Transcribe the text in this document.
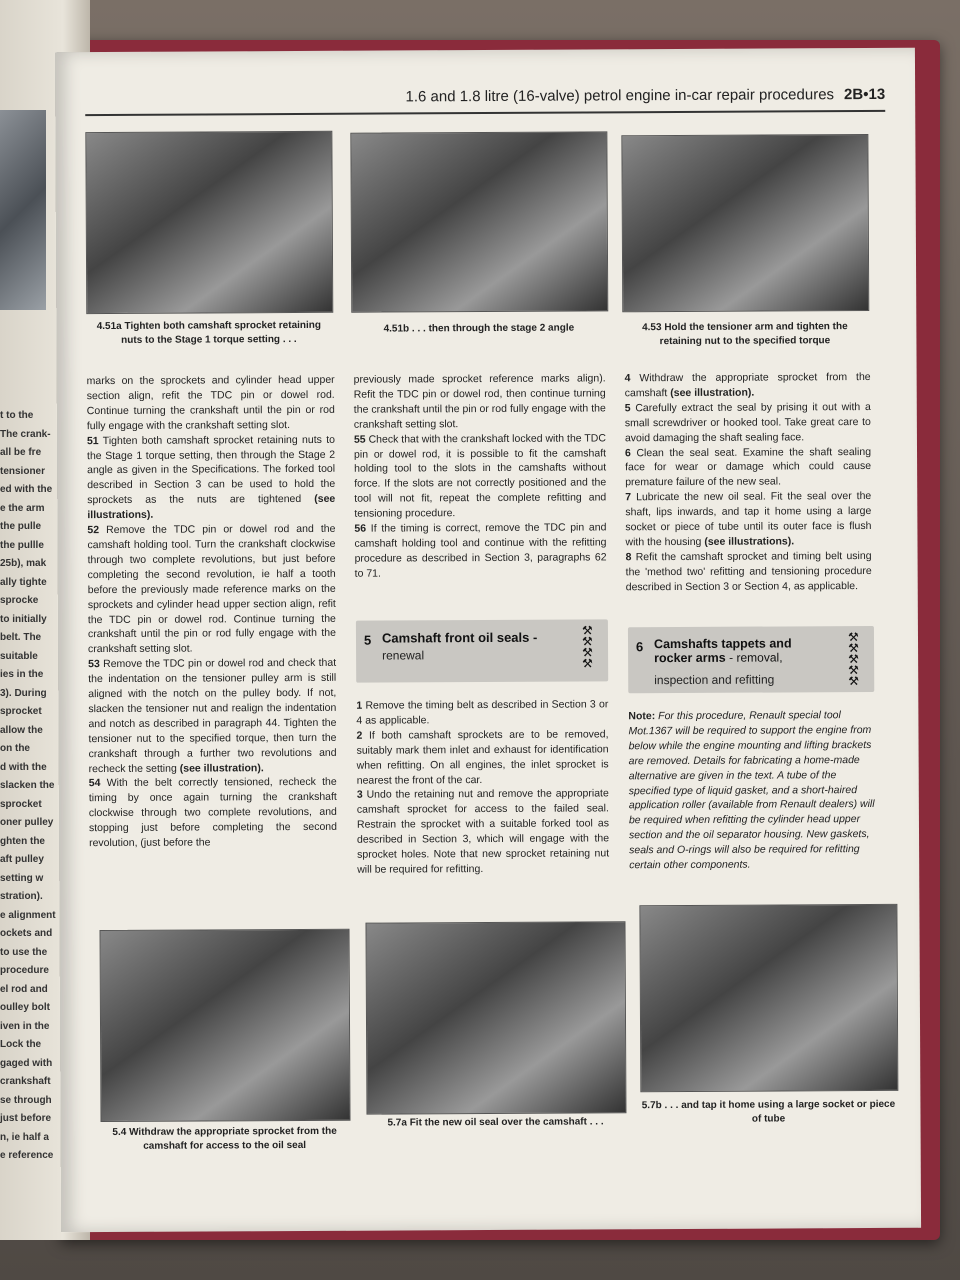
t to the
The crank-
all be fre
tensioner
ed with the
e the arm
the pulle
the pullle
25b), mak
ally tighte
sprocke
to initially
belt. The
suitable
ies in the
3). During
sprocket
allow the
on the
d with the
slacken the
sprocket
oner pulley
ghten the
aft pulley
setting w
stration).
e alignment
ockets and
to use the
procedure
el rod and
oulley bolt
iven in the
Lock the
gaged with
crankshaft
se through
just before
n, ie half a
e reference
1.6 and 1.8 litre (16-valve) petrol engine in-car repair procedures 2B•13
4.51a Tighten both camshaft sprocket retaining nuts to the Stage 1 torque setting . . .
4.51b . . . then through the stage 2 angle	4.53 Hold the tensioner arm and tighten the retaining nut to the specified torque

marks on the sprockets and cylinder head upper section align, refit the TDC pin or dowel rod. Continue turning the crankshaft until the pin or rod fully engage with the crankshaft setting slot.

51 Tighten both camshaft sprocket retaining nuts to the Stage 1 torque setting, then through the Stage 2 angle as given in the Specifications. The forked tool described in Section 3 can be used to hold the sprockets as the nuts are tightened (see illustrations).

52 Remove the TDC pin or dowel rod and the camshaft holding tool. Turn the crankshaft clockwise through two complete revolutions, but just before completing the second revolution, ie half a tooth before the previously made reference marks on the sprockets and cylinder head upper section align, refit the TDC pin or dowel rod. Continue turning the crankshaft until the pin or rod fully engage with the crankshaft setting slot.

53 Remove the TDC pin or dowel rod and check that the indentation on the tensioner pulley arm is still aligned with the notch on the pulley body. If not, slacken the tensioner nut and realign the indentation and notch as described in paragraph 44. Tighten the tensioner nut to the specified torque, then turn the crankshaft through a further two revolutions and recheck the setting (see illustration).

54 With the belt correctly tensioned, recheck the timing by once again turning the crankshaft clockwise through two complete revolutions, and stopping just before completing the second revolution, (just before the

previously made sprocket reference marks align). Refit the TDC pin or dowel rod, then continue turning the crankshaft until the pin or rod fully engage with the crankshaft setting slot.

55 Check that with the crankshaft locked with the TDC pin or dowel rod, it is possible to fit the camshaft holding tool to the slots in the camshafts without force. If the slots are not correctly positioned and the tool will not fit, repeat the complete refitting and tensioning procedure.

56 If the timing is correct, remove the TDC pin and camshaft holding tool and continue with the refitting procedure as described in Section 3, paragraphs 62 to 71.

5 Camshaft front oil seals -
renewal
⚒
⚒
⚒
⚒

1 Remove the timing belt as described in Section 3 or 4 as applicable.

2 If both camshaft sprockets are to be removed, suitably mark them inlet and exhaust for identification when refitting. On all engines, the inlet sprocket is nearest the front of the car.

3 Undo the retaining nut and remove the appropriate camshaft sprocket for access to the failed seal. Restrain the sprocket with a suitable forked tool as described in Section 3, which will engage with the sprocket holes. Note that new sprocket retaining nut will be required for refitting.

4 Withdraw the appropriate sprocket from the camshaft (see illustration).

5 Carefully extract the seal by prising it out with a small screwdriver or hooked tool. Take great care to avoid damaging the shaft sealing face.

6 Clean the seal seat. Examine the shaft sealing face for wear or damage which could cause premature failure of the new seal.

7 Lubricate the new oil seal. Fit the seal over the shaft, lips inwards, and tap it home using a large socket or piece of tube until its outer face is flush with the housing (see illustrations).

8 Refit the camshaft sprocket and timing belt using the 'method two' refitting and tensioning procedure described in Section 3 or Section 4, as applicable.

6 Camshafts tappets and
rocker arms - removal,
inspection and refitting
⚒
⚒
⚒
⚒
⚒
Note: For this procedure, Renault special tool Mot.1367 will be required to support the engine from below while the engine mounting and lifting brackets are removed. Details for fabricating a home-made alternative are given in the text. A tube of the specified type of liquid gasket, and a short-haired application roller (available from Renault dealers) will be required when refitting the cylinder head upper section and the oil separator housing. New gaskets, seals and O-rings will also be required for refitting certain other components.
5.4 Withdraw the appropriate sprocket from the camshaft for access to the oil seal
5.7a Fit the new oil seal over the camshaft . . .
5.7b . . . and tap it home using a large socket or piece of tube
